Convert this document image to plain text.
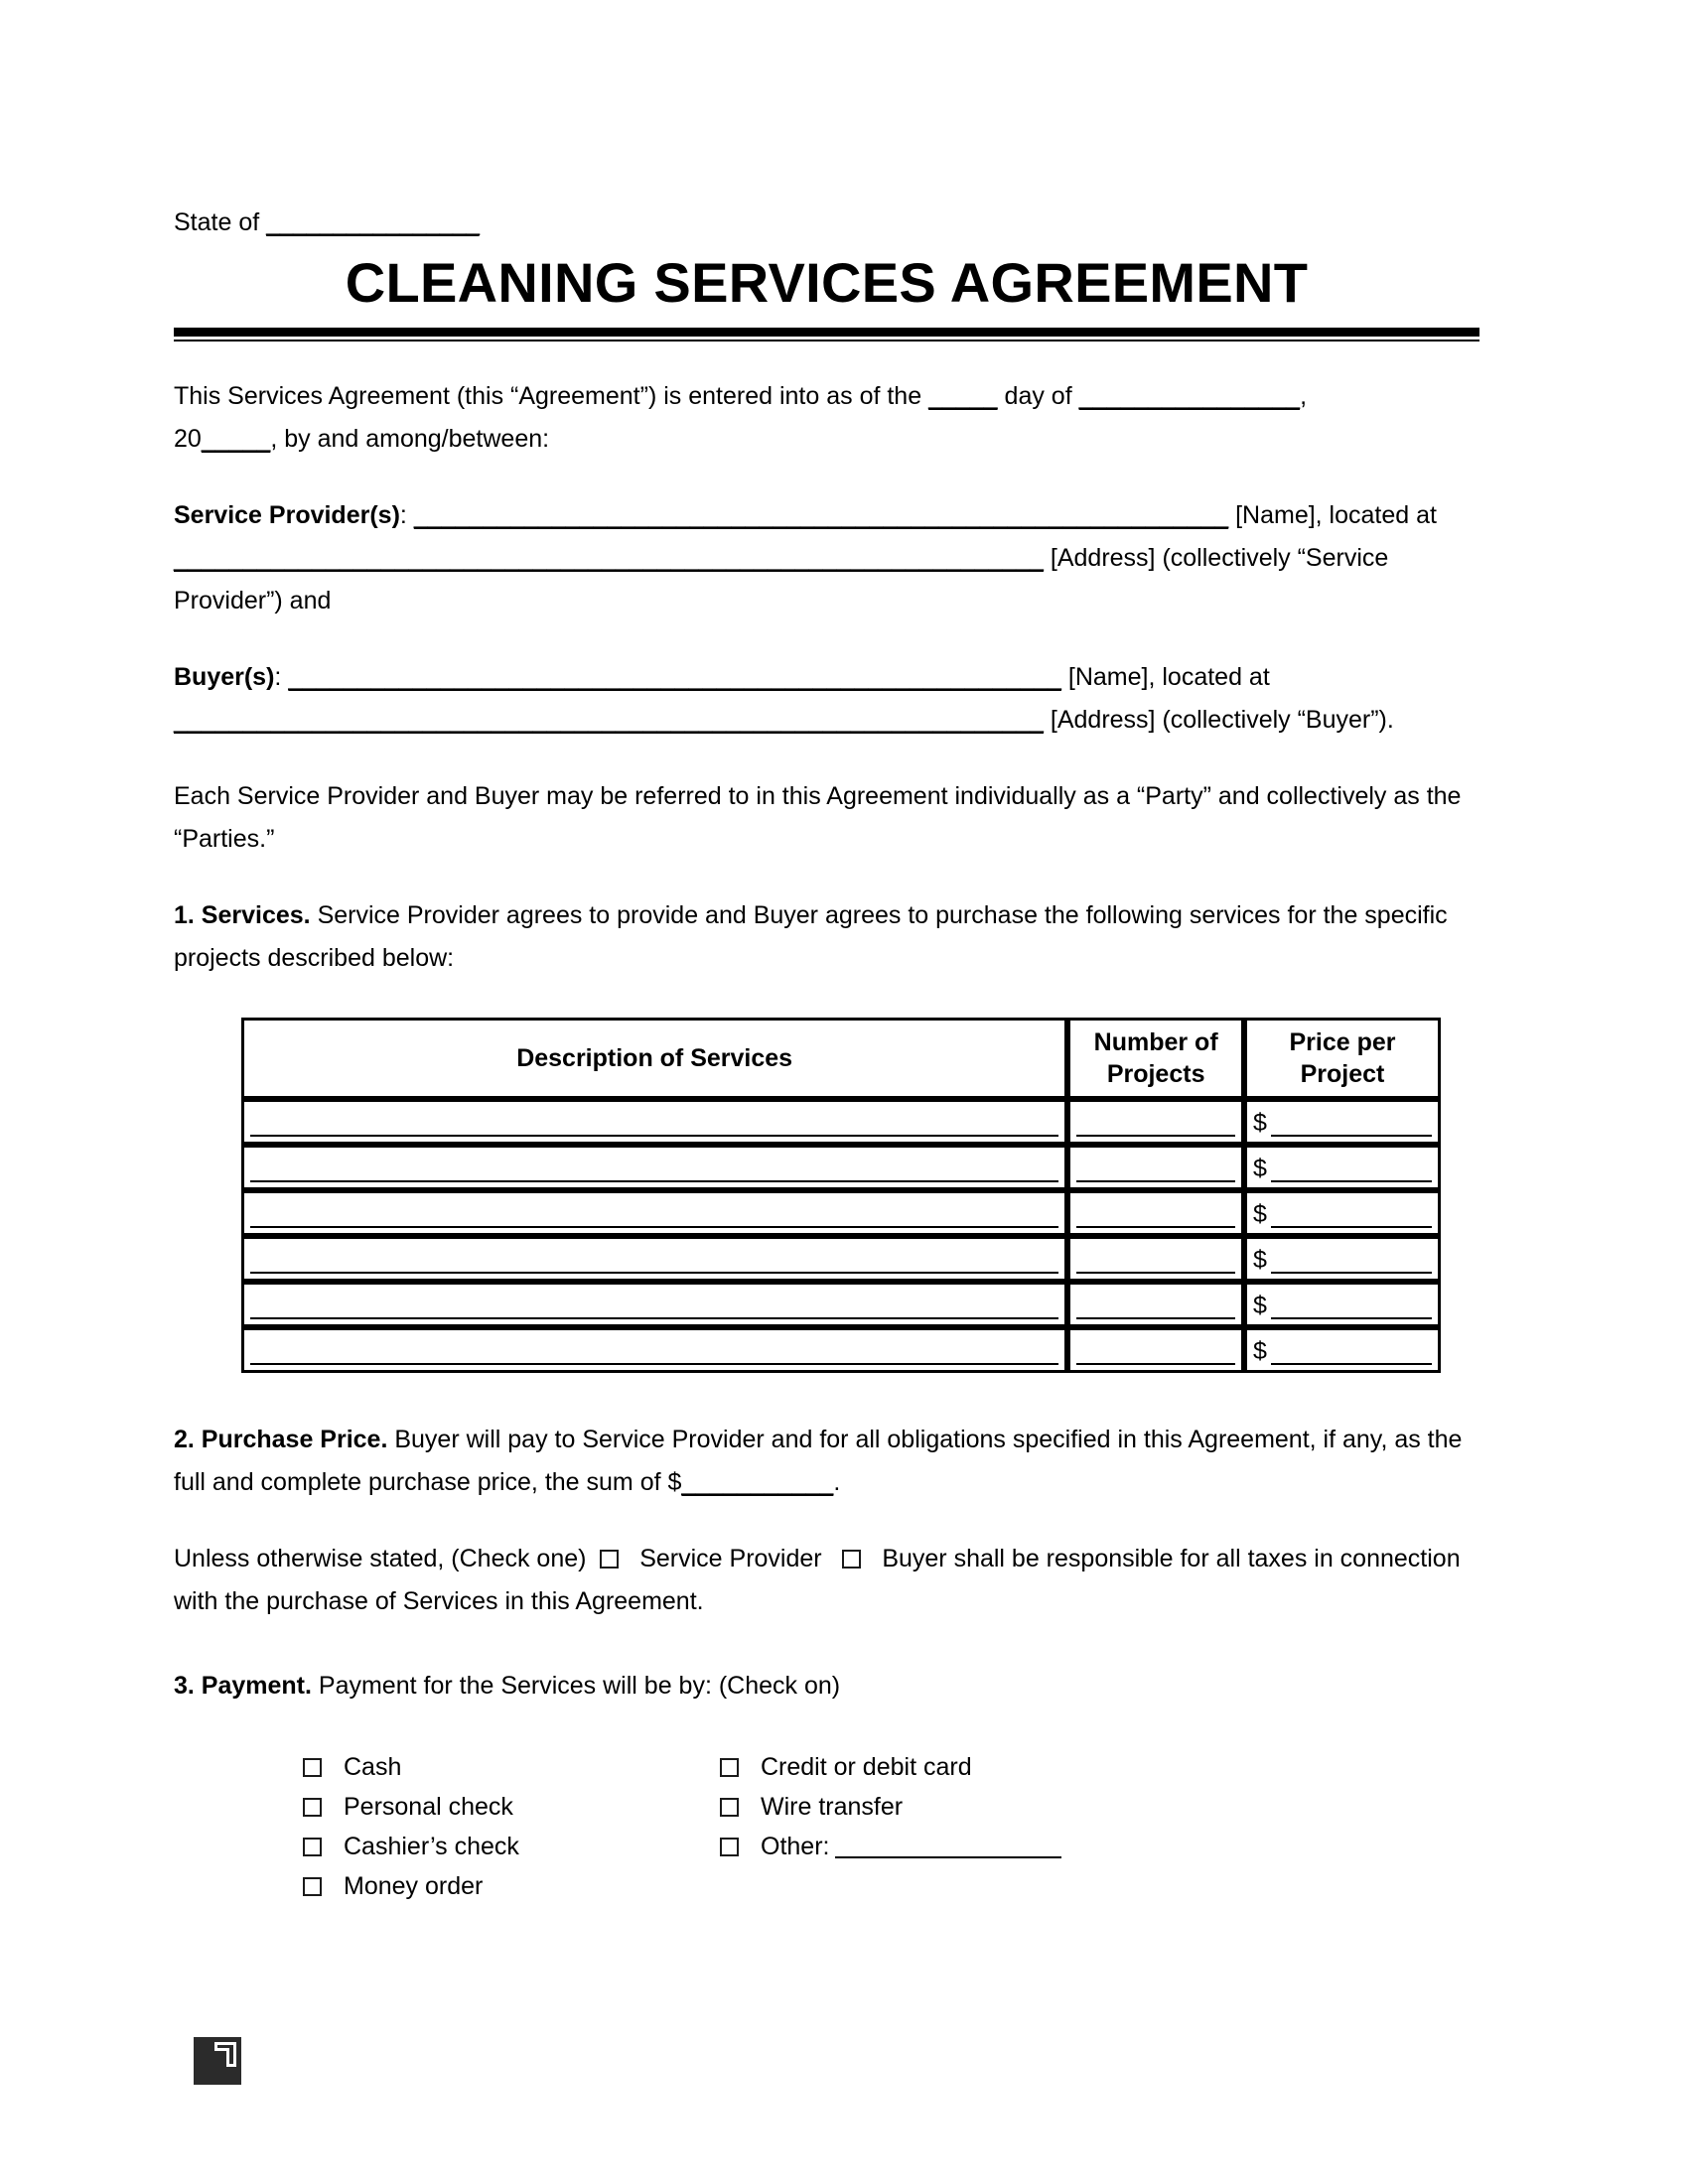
State of ________________
CLEANING SERVICES AGREEMENT
This Services Agreement (this “Agreement”) is entered into as of the _____ day of ________________,
20_____, by and among/between:
Service Provider(s): ___________________________________________________________ [Name], located at
_______________________________________________________________ [Address] (collectively “Service
Provider”) and
Buyer(s): ________________________________________________________ [Name], located at
_______________________________________________________________ [Address] (collectively “Buyer”).
Each Service Provider and Buyer may be referred to in this Agreement individually as a “Party” and collectively as the “Parties.”
1. Services. Service Provider agrees to provide and Buyer agrees to purchase the following services for the specific projects described below:
Description of Services	Number of Projects	Price per Project

		$

		$

		$

		$

		$

		$
2. Purchase Price. Buyer will pay to Service Provider and for all obligations specified in this Agreement, if any, as the full and complete purchase price, the sum of $___________.
Unless otherwise stated, (Check one) Service Provider Buyer shall be responsible for all taxes in connection with the purchase of Services in this Agreement.
3. Payment. Payment for the Services will be by: (Check on)
Cash	Credit or debit card
Personal check	Wire transfer
Cashier’s check	Other:
Money order
